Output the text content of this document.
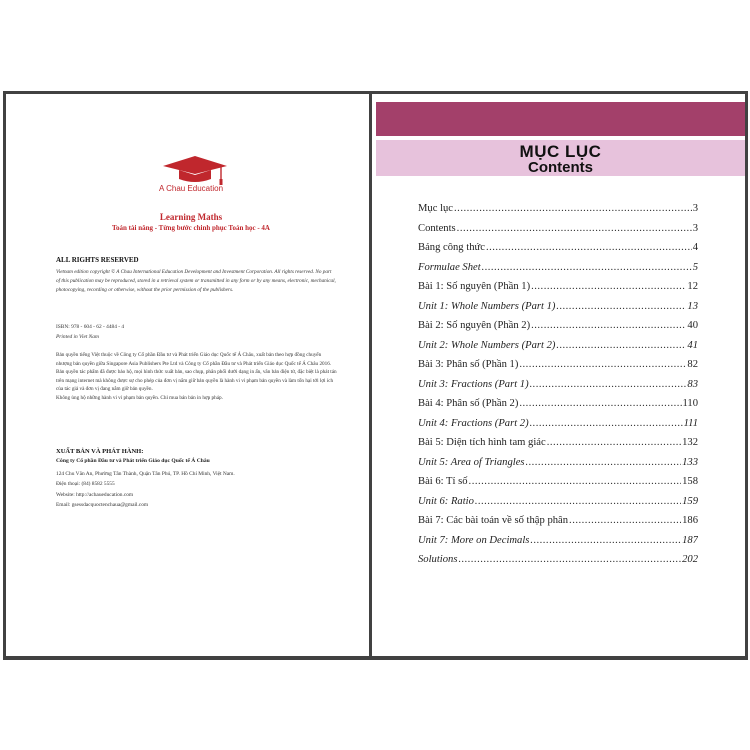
A Chau Education
Learning Maths
Toán tài năng - Từng bước chinh phục Toán học - 4A
ALL RIGHTS RESERVED
Vietnam edition copyright © A Chau International Education Development and Investment Corporation. All rights reserved. No part of this publication may be reproduced, stored in a retrieval system or transmitted in any form or by any means, electronic, mechanical, photocopying, recording or otherwise, without the prior permission of the publishers.
ISBN: 978 - 604 - 62 - 4484 - 4
Printed in Viet Nam

Bản quyền tiếng Việt thuộc về Công ty Cổ phần Đầu tư và Phát triển Giáo dục Quốc tế Á Châu, xuất bản theo hợp đồng chuyển nhượng bản quyền giữa Singapore Asia Publishers Pte Ltd và Công ty Cổ phần Đầu tư và Phát triển Giáo dục Quốc tế Á Châu 2016.

Bản quyền tác phẩm đã được bảo hộ, mọi hình thức xuất bản, sao chụp, phân phối dưới dạng in ấn, văn bản điện tử, đặc biệt là phát tán trên mạng internet mà không được sự cho phép của đơn vị nắm giữ bản quyền là hành vi vi phạm bản quyền và làm tổn hại tới lợi ích của tác giả và đơn vị đang nắm giữ bản quyền.

Không ủng hộ những hành vi vi phạm bản quyền. Chỉ mua bán bản in hợp pháp.

XUẤT BẢN VÀ PHÁT HÀNH:
Công ty Cổ phần Đầu tư và Phát triển Giáo dục Quốc tế Á Châu
124 Chu Văn An, Phường Tân Thành, Quận Tân Phú, TP. Hồ Chí Minh, Việt Nam.
Điện thoại: (84) 8582 5555
Website: http://achaueducation.com
Email: gsessdacquoctenchaua@gmail.com
MỤC LỤC
Contents
Mục lục .....	3
Contents .....	3
Bảng công thức .....	4
Formulae Shet .....	5
Bài 1: Số nguyên (Phần 1) .....	12
Unit 1: Whole Numbers (Part 1) .....	13
Bài 2: Số nguyên (Phần 2) .....	40
Unit 2: Whole Numbers (Part 2) .....	41
Bài 3: Phân số (Phần 1) .....	82
Unit 3: Fractions (Part 1) .....	83
Bài 4: Phân số (Phần 2) .....	110
Unit 4: Fractions (Part 2) .....	111
Bài 5: Diện tích hình tam giác .....	132
Unit 5: Area of Triangles .....	133
Bài 6: Tỉ số .....	158
Unit 6: Ratio .....	159
Bài 7: Các bài toán về số thập phân .....	186
Unit 7: More on Decimals .....	187
Solutions .....	202
